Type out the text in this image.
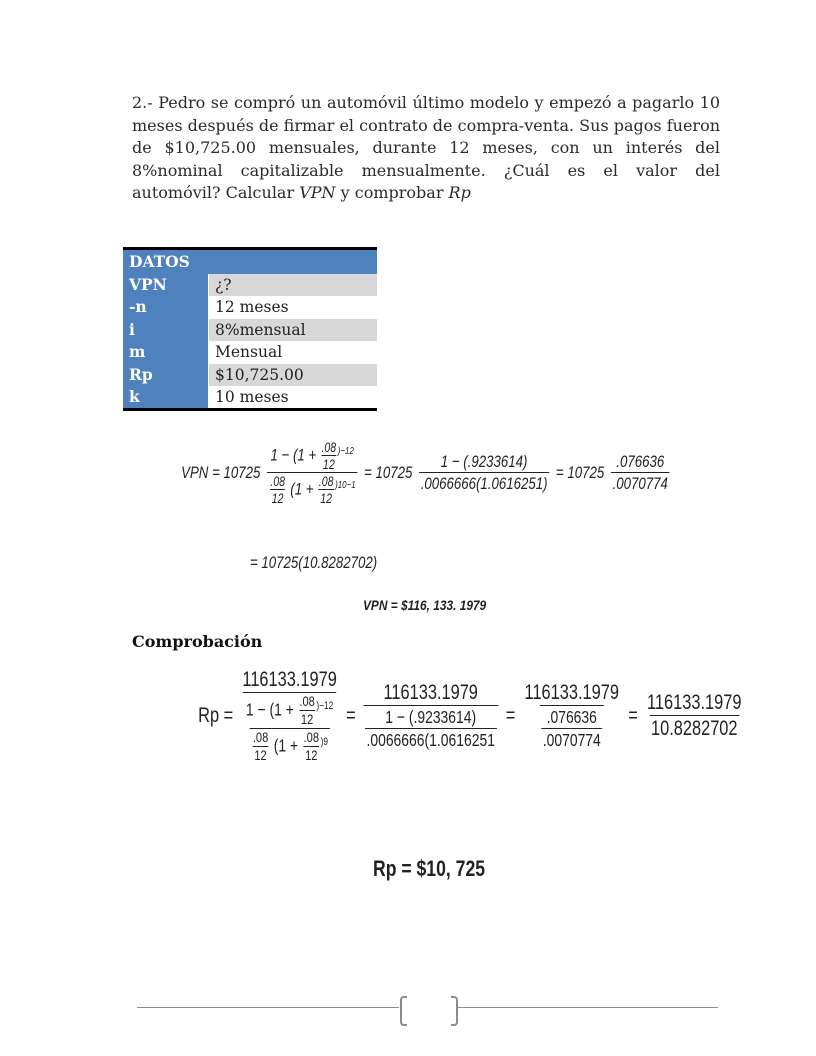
2.- Pedro se compró un automóvil último modelo y empezó a pagarlo 10 meses después de firmar el contrato de compra-venta. Sus pagos fueron de $10,725.00 mensuales, durante 12 meses, con un interés del 8%nominal capitalizable mensualmente. ¿Cuál es el valor del automóvil? Calcular VPN y comprobar Rp
DATOS	
VPN	¿?
-n	12 meses
i	8%mensual
m	Mensual
Rp	$10,725.00
k	10 meses
VPN = 10725
$1 - (1 + \frac{.08}{12} ^{)-12}$
$\frac{.08}{12} (1 + \frac{.08}{12} ^{)10-1}$
= $10725 \frac{1 - (.9233614)}{.0066666(1.0616251)} = 10725 \frac{.076636}{.0070774}$
= 10725(10.8282702)
VPN = $116, 133. 1979
Comprobación
Rp =
116133.1979
$1 - (1 + \frac{.08}{12} ^{)-12}$
$\frac{.08}{12} (1 + \frac{.08}{12} ^{)9}$
= $\frac{116133.1979}{\frac{1 - (.9233614)}{.0066666(1.0616251}} = \frac{116133.1979}{\frac{.076636}{.0070774}} = \frac{116133.1979}{10.8282702}$
Rp = $10, 725
